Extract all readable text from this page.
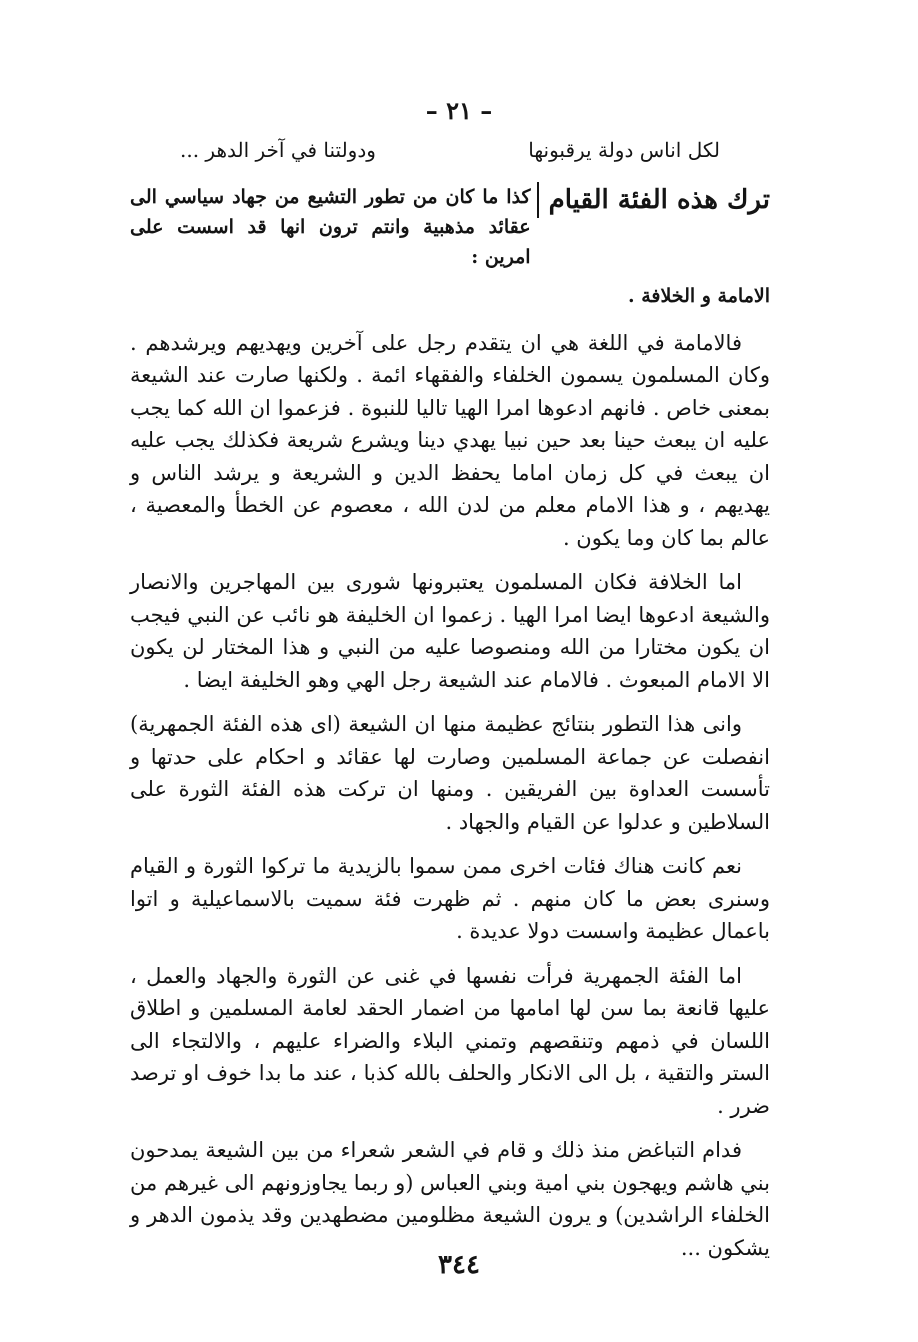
– ٢١ –
لكل اناس دولة يرقبونها
ودولتنا في آخر الدهر ...
ترك هذه الفئة القيام
كذا ما كان من تطور التشيع من جهاد سياسي الى عقائد مذهبية وانتم ترون انها قد اسست على امرين :
الامامة و الخلافة .

فالامامة في اللغة هي ان يتقدم رجل على آخرين ويهديهم ويرشدهم . وكان المسلمون يسمون الخلفاء والفقهاء ائمة . ولكنها صارت عند الشيعة بمعنى خاص . فانهم ادعوها امرا الهيا تاليا للنبوة . فزعموا ان الله كما يجب عليه ان يبعث حينا بعد حين نبيا يهدي دينا ويشرع شريعة فكذلك يجب عليه ان يبعث في كل زمان اماما يحفظ الدين و الشريعة و يرشد الناس و يهديهم ، و هذا الامام معلم من لدن الله ، معصوم عن الخطأ والمعصية ، عالم بما كان وما يكون .

اما الخلافة فكان المسلمون يعتبرونها شورى بين المهاجرين والانصار والشيعة ادعوها ايضا امرا الهيا . زعموا ان الخليفة هو نائب عن النبي فيجب ان يكون مختارا من الله ومنصوصا عليه من النبي و هذا المختار لن يكون الا الامام المبعوث . فالامام عند الشيعة رجل الهي وهو الخليفة ايضا .

وانى هذا التطور بنتائج عظيمة منها ان الشيعة (اى هذه الفئة الجمهرية) انفصلت عن جماعة المسلمين وصارت لها عقائد و احكام على حدتها و تأسست العداوة بين الفريقين . ومنها ان تركت هذه الفئة الثورة على السلاطين و عدلوا عن القيام والجهاد .

نعم كانت هناك فئات اخرى ممن سموا بالزيدية ما تركوا الثورة و القيام وسنرى بعض ما كان منهم . ثم ظهرت فئة سميت بالاسماعيلية و اتوا باعمال عظيمة واسست دولا عديدة .

اما الفئة الجمهرية فرأت نفسها في غنى عن الثورة والجهاد والعمل ، عليها قانعة بما سن لها امامها من اضمار الحقد لعامة المسلمين و اطلاق اللسان في ذمهم وتنقصهم وتمني البلاء والضراء عليهم ، والالتجاء الى الستر والتقية ، بل الى الانكار والحلف بالله كذبا ، عند ما بدا خوف او ترصد ضرر .

فدام التباغض منذ ذلك و قام في الشعر شعراء من بين الشيعة يمدحون بني هاشم ويهجون بني امية وبني العباس (و ربما يجاوزونهم الى غيرهم من الخلفاء الراشدين) و يرون الشيعة مظلومين مضطهدين وقد يذمون الدهر و يشكون ...

٣٤٤
